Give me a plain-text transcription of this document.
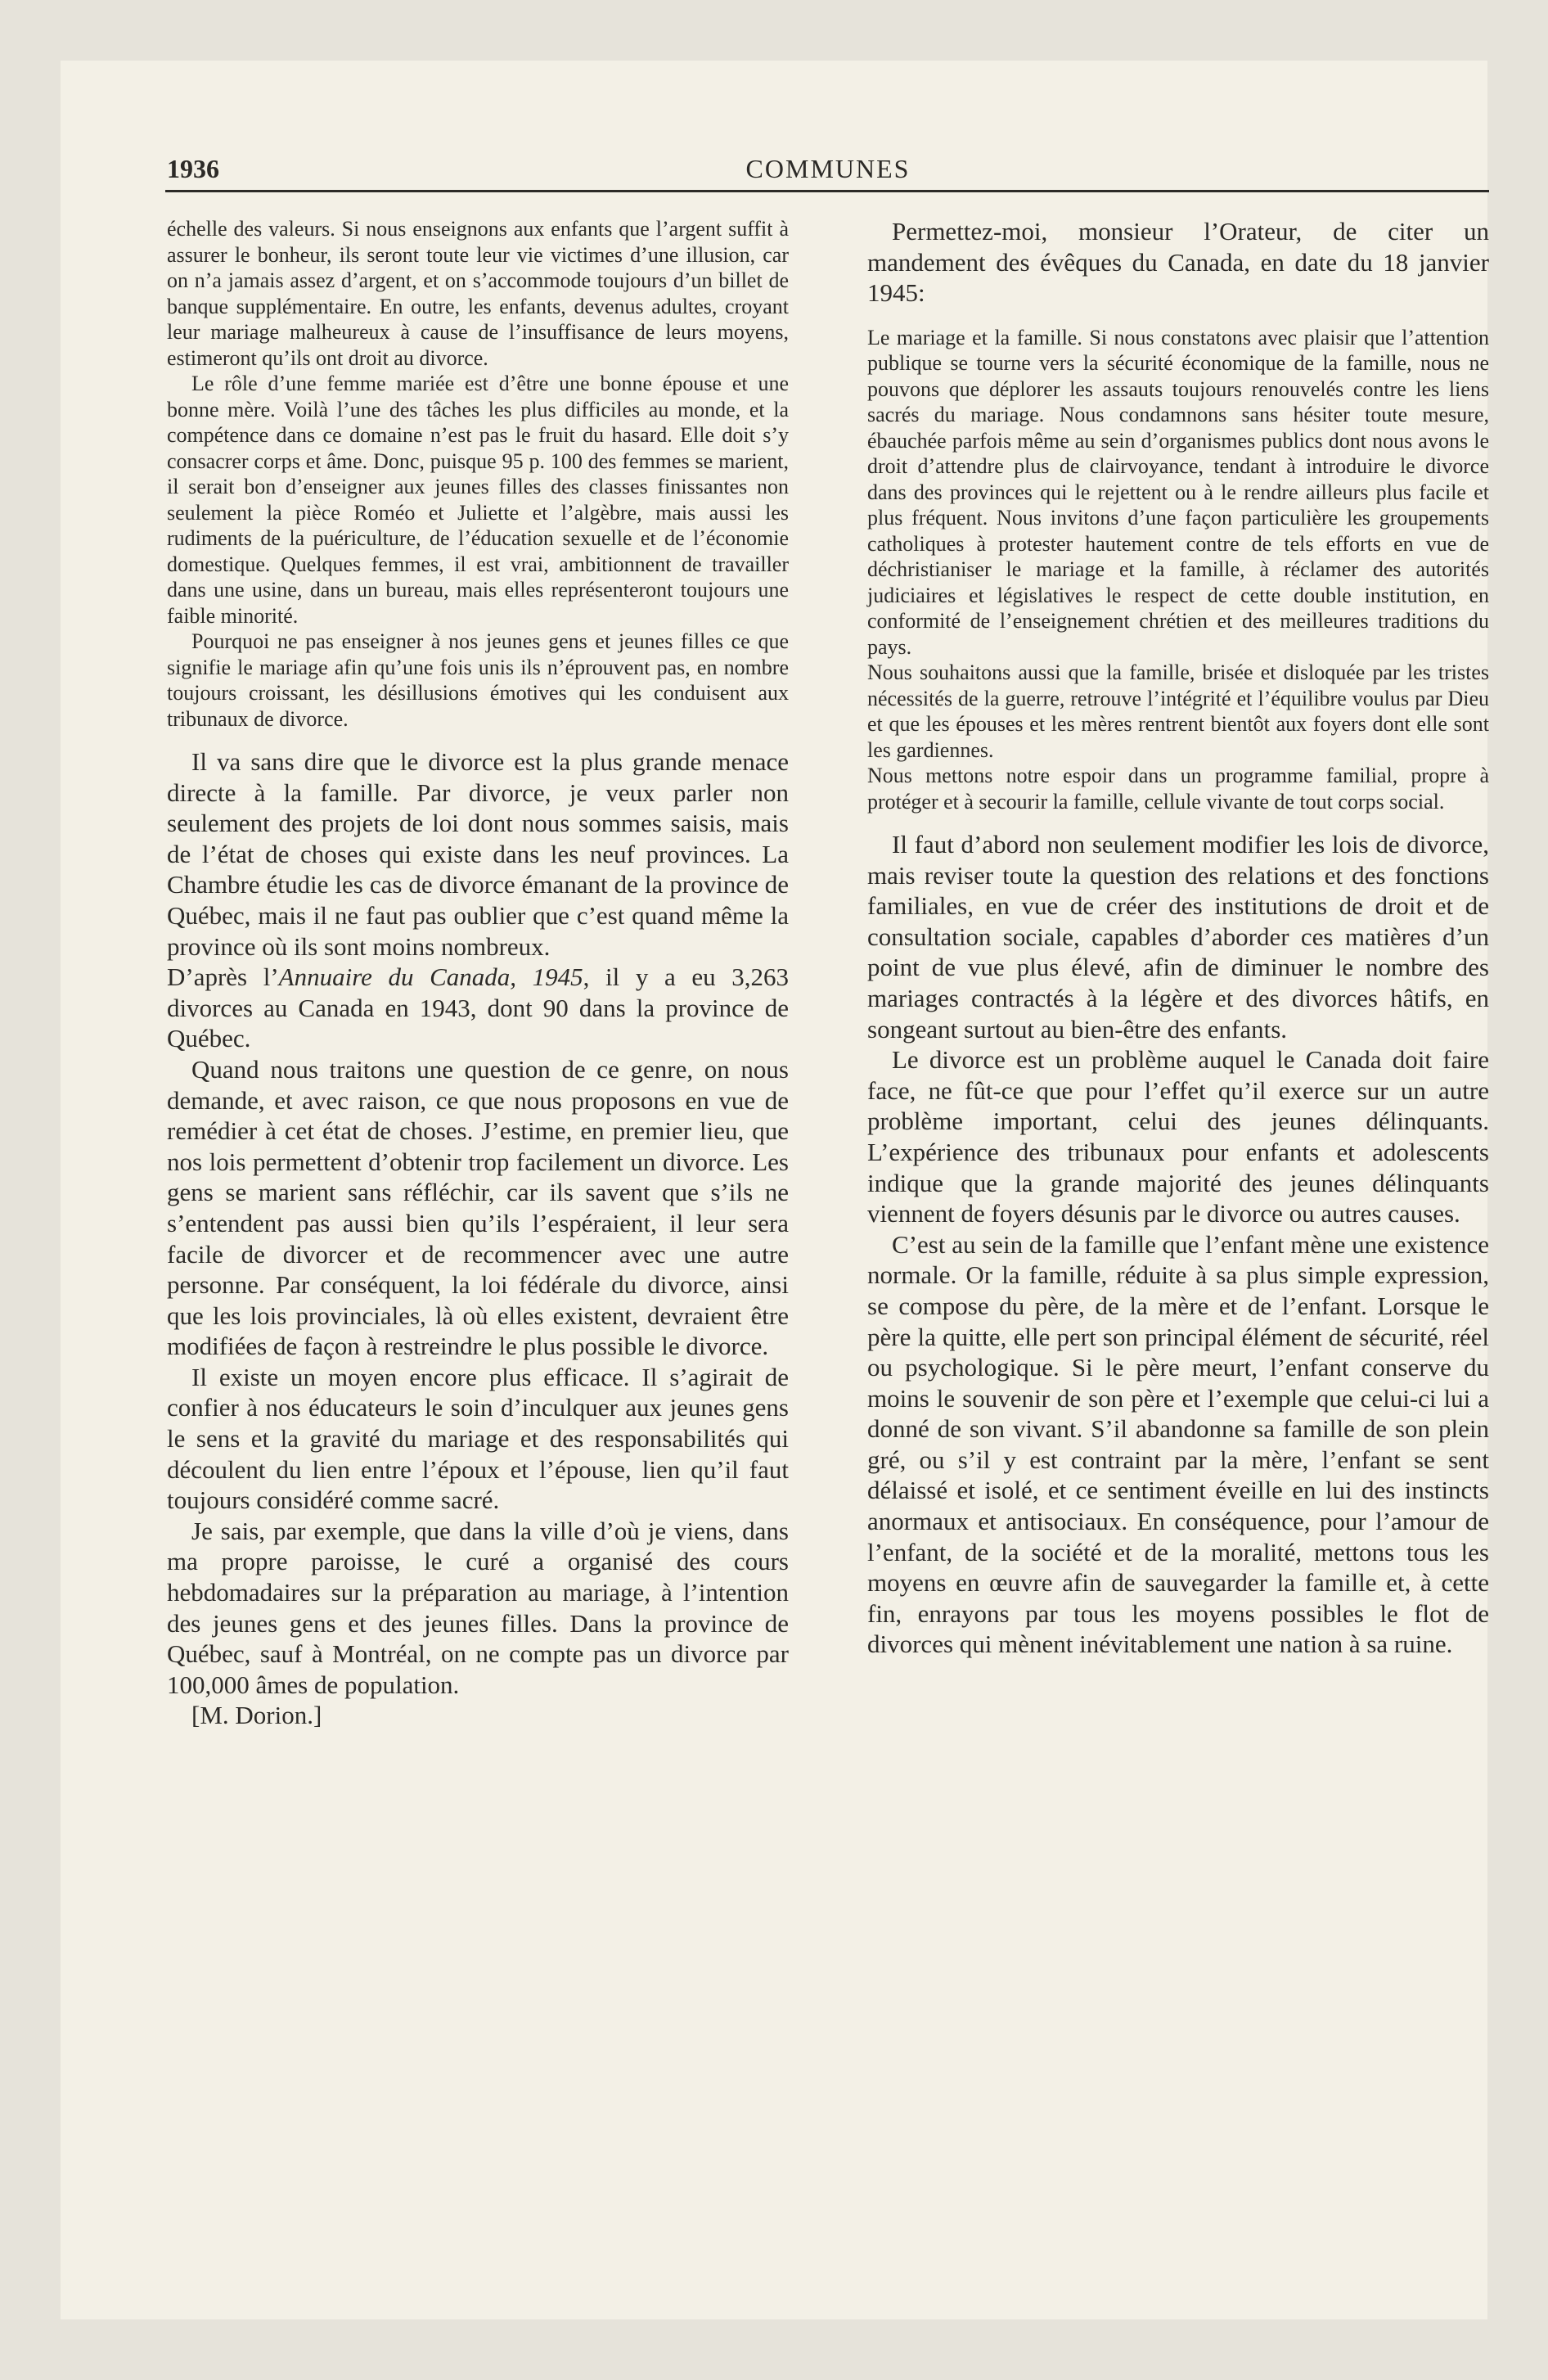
1936	COMMUNES

échelle des valeurs. Si nous enseignons aux enfants que l’argent suffit à assurer le bonheur, ils seront toute leur vie victimes d’une illusion, car on n’a jamais assez d’argent, et on s’accommode toujours d’un billet de banque supplémentaire. En outre, les enfants, devenus adultes, croyant leur mariage malheureux à cause de l’insuffisance de leurs moyens, estimeront qu’ils ont droit au divorce.

Le rôle d’une femme mariée est d’être une bonne épouse et une bonne mère. Voilà l’une des tâches les plus difficiles au monde, et la compétence dans ce domaine n’est pas le fruit du hasard. Elle doit s’y consacrer corps et âme. Donc, puisque 95 p. 100 des femmes se marient, il serait bon d’enseigner aux jeunes filles des classes finissantes non seulement la pièce Roméo et Juliette et l’algèbre, mais aussi les rudiments de la puériculture, de l’éducation sexuelle et de l’économie domestique. Quelques femmes, il est vrai, ambitionnent de travailler dans une usine, dans un bureau, mais elles représenteront toujours une faible minorité.

Pourquoi ne pas enseigner à nos jeunes gens et jeunes filles ce que signifie le mariage afin qu’une fois unis ils n’éprouvent pas, en nombre toujours croissant, les désillusions émotives qui les conduisent aux tribunaux de divorce.

Il va sans dire que le divorce est la plus grande menace directe à la famille. Par divorce, je veux parler non seulement des projets de loi dont nous sommes saisis, mais de l’état de choses qui existe dans les neuf provinces. La Chambre étudie les cas de divorce émanant de la province de Québec, mais il ne faut pas oublier que c’est quand même la province où ils sont moins nombreux.

D’après l’Annuaire du Canada, 1945, il y a eu 3,263 divorces au Canada en 1943, dont 90 dans la province de Québec.

Quand nous traitons une question de ce genre, on nous demande, et avec raison, ce que nous proposons en vue de remédier à cet état de choses. J’estime, en premier lieu, que nos lois permettent d’obtenir trop facilement un divorce. Les gens se marient sans réfléchir, car ils savent que s’ils ne s’entendent pas aussi bien qu’ils l’espéraient, il leur sera facile de divorcer et de recommencer avec une autre personne. Par conséquent, la loi fédérale du divorce, ainsi que les lois provinciales, là où elles existent, devraient être modifiées de façon à restreindre le plus possible le divorce.

Il existe un moyen encore plus efficace. Il s’agirait de confier à nos éducateurs le soin d’inculquer aux jeunes gens le sens et la gravité du mariage et des responsabilités qui découlent du lien entre l’époux et l’épouse, lien qu’il faut toujours considéré comme sacré.

Je sais, par exemple, que dans la ville d’où je viens, dans ma propre paroisse, le curé a organisé des cours hebdomadaires sur la préparation au mariage, à l’intention des jeunes gens et des jeunes filles. Dans la province de Québec, sauf à Montréal, on ne compte pas un divorce par 100,000 âmes de population.

[M. Dorion.]

Permettez-moi, monsieur l’Orateur, de citer un mandement des évêques du Canada, en date du 18 janvier 1945:

Le mariage et la famille. Si nous constatons avec plaisir que l’attention publique se tourne vers la sécurité économique de la famille, nous ne pouvons que déplorer les assauts toujours renouvelés contre les liens sacrés du mariage. Nous condamnons sans hésiter toute mesure, ébauchée parfois même au sein d’organismes publics dont nous avons le droit d’attendre plus de clairvoyance, tendant à introduire le divorce dans des provinces qui le rejettent ou à le rendre ailleurs plus facile et plus fréquent. Nous invitons d’une façon particulière les groupements catholiques à protester hautement contre de tels efforts en vue de déchristianiser le mariage et la famille, à réclamer des autorités judiciaires et législatives le respect de cette double institution, en conformité de l’enseignement chrétien et des meilleures traditions du pays.

Nous souhaitons aussi que la famille, brisée et disloquée par les tristes nécessités de la guerre, retrouve l’intégrité et l’équilibre voulus par Dieu et que les épouses et les mères rentrent bientôt aux foyers dont elle sont les gardiennes.

Nous mettons notre espoir dans un programme familial, propre à protéger et à secourir la famille, cellule vivante de tout corps social.

Il faut d’abord non seulement modifier les lois de divorce, mais reviser toute la question des relations et des fonctions familiales, en vue de créer des institutions de droit et de consultation sociale, capables d’aborder ces matières d’un point de vue plus élevé, afin de diminuer le nombre des mariages contractés à la légère et des divorces hâtifs, en songeant surtout au bien-être des enfants.

Le divorce est un problème auquel le Canada doit faire face, ne fût-ce que pour l’effet qu’il exerce sur un autre problème important, celui des jeunes délinquants. L’expérience des tribunaux pour enfants et adolescents indique que la grande majorité des jeunes délinquants viennent de foyers désunis par le divorce ou autres causes.

C’est au sein de la famille que l’enfant mène une existence normale. Or la famille, réduite à sa plus simple expression, se compose du père, de la mère et de l’enfant. Lorsque le père la quitte, elle pert son principal élément de sécurité, réel ou psychologique. Si le père meurt, l’enfant conserve du moins le souvenir de son père et l’exemple que celui-ci lui a donné de son vivant. S’il abandonne sa famille de son plein gré, ou s’il y est contraint par la mère, l’enfant se sent délaissé et isolé, et ce sentiment éveille en lui des instincts anormaux et antisociaux. En conséquence, pour l’amour de l’enfant, de la société et de la moralité, mettons tous les moyens en œuvre afin de sauvegarder la famille et, à cette fin, enrayons par tous les moyens possibles le flot de divorces qui mènent inévitablement une nation à sa ruine.
